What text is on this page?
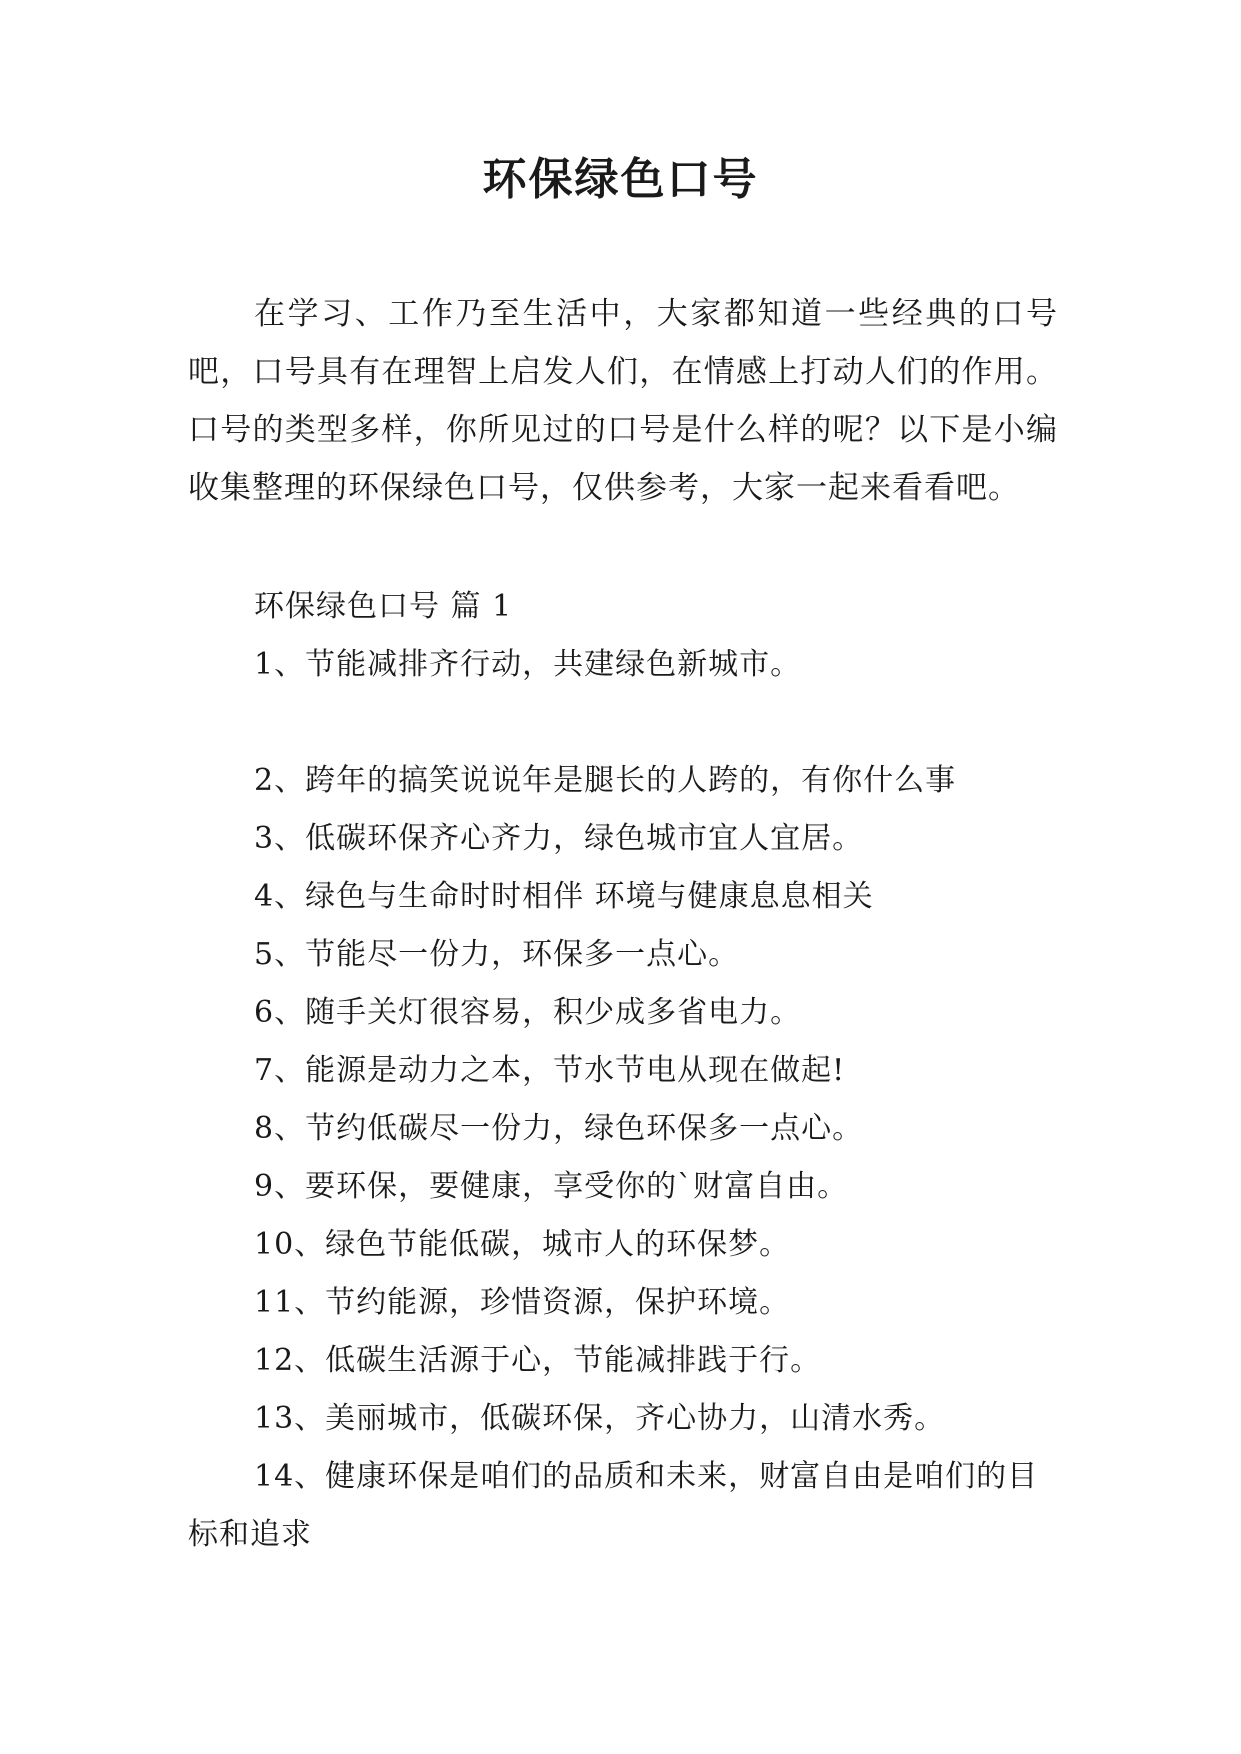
环保绿色口号

在学习、工作乃至生活中，大家都知道一些经典的口号吧，口号具有在理智上启发人们，在情感上打动人们的作用。口号的类型多样，你所见过的口号是什么样的呢？以下是小编收集整理的环保绿色口号，仅供参考，大家一起来看看吧。

环保绿色口号 篇 1
1、节能减排齐行动，共建绿色新城市。
2、跨年的搞笑说说年是腿长的人跨的，有你什么事
3、低碳环保齐心齐力，绿色城市宜人宜居。
4、绿色与生命时时相伴 环境与健康息息相关
5、节能尽一份力，环保多一点心。
6、随手关灯很容易，积少成多省电力。
7、能源是动力之本，节水节电从现在做起!
8、节约低碳尽一份力，绿色环保多一点心。
9、要环保，要健康，享受你的`财富自由。
10、绿色节能低碳，城市人的环保梦。
11、节约能源，珍惜资源，保护环境。
12、低碳生活源于心，节能减排践于行。
13、美丽城市，低碳环保，齐心协力，山清水秀。
14、健康环保是咱们的品质和未来，财富自由是咱们的目标和追求
